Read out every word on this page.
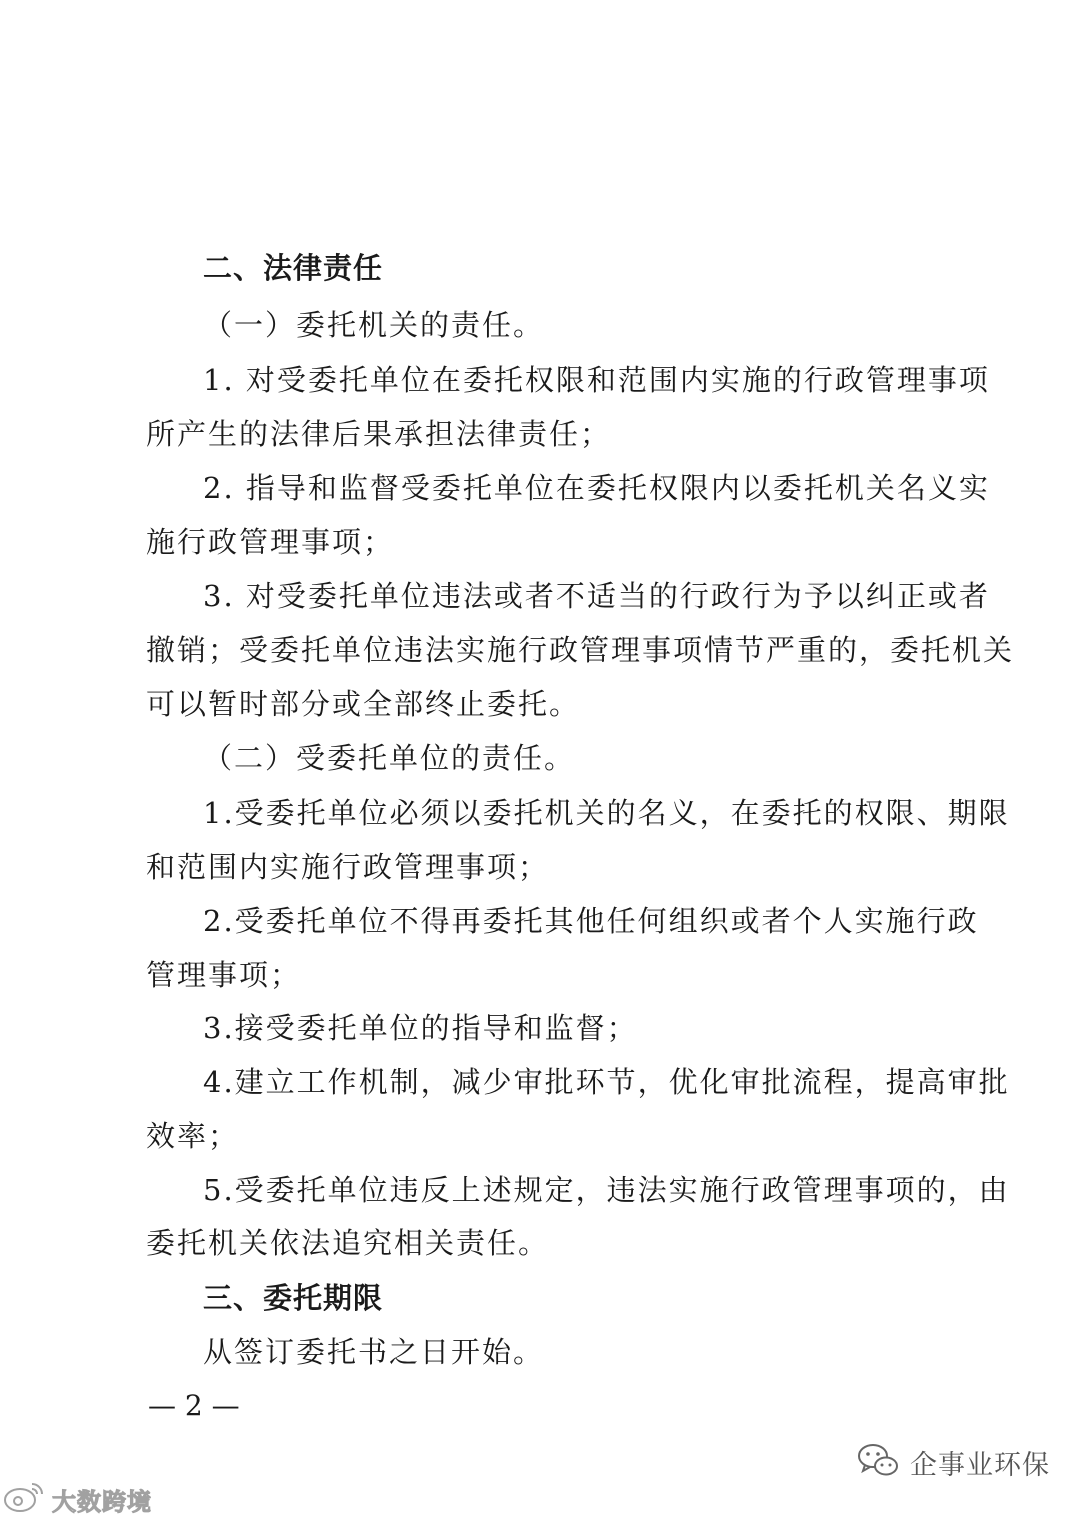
二、法律责任
（一）委托机关的责任。
1. 对受委托单位在委托权限和范围内实施的行政管理事项
所产生的法律后果承担法律责任；
2. 指导和监督受委托单位在委托权限内以委托机关名义实
施行政管理事项；
3. 对受委托单位违法或者不适当的行政行为予以纠正或者
撤销；受委托单位违法实施行政管理事项情节严重的，委托机关
可以暂时部分或全部终止委托。
（二）受委托单位的责任。
1.受委托单位必须以委托机关的名义，在委托的权限、期限
和范围内实施行政管理事项；
2.受委托单位不得再委托其他任何组织或者个人实施行政
管理事项；
3.接受委托单位的指导和监督；
4.建立工作机制，减少审批环节，优化审批流程，提高审批
效率；
5.受委托单位违反上述规定，违法实施行政管理事项的，由
委托机关依法追究相关责任。
三、委托期限
从签订委托书之日开始。
— 2 —
大数跨境
企事业环保
